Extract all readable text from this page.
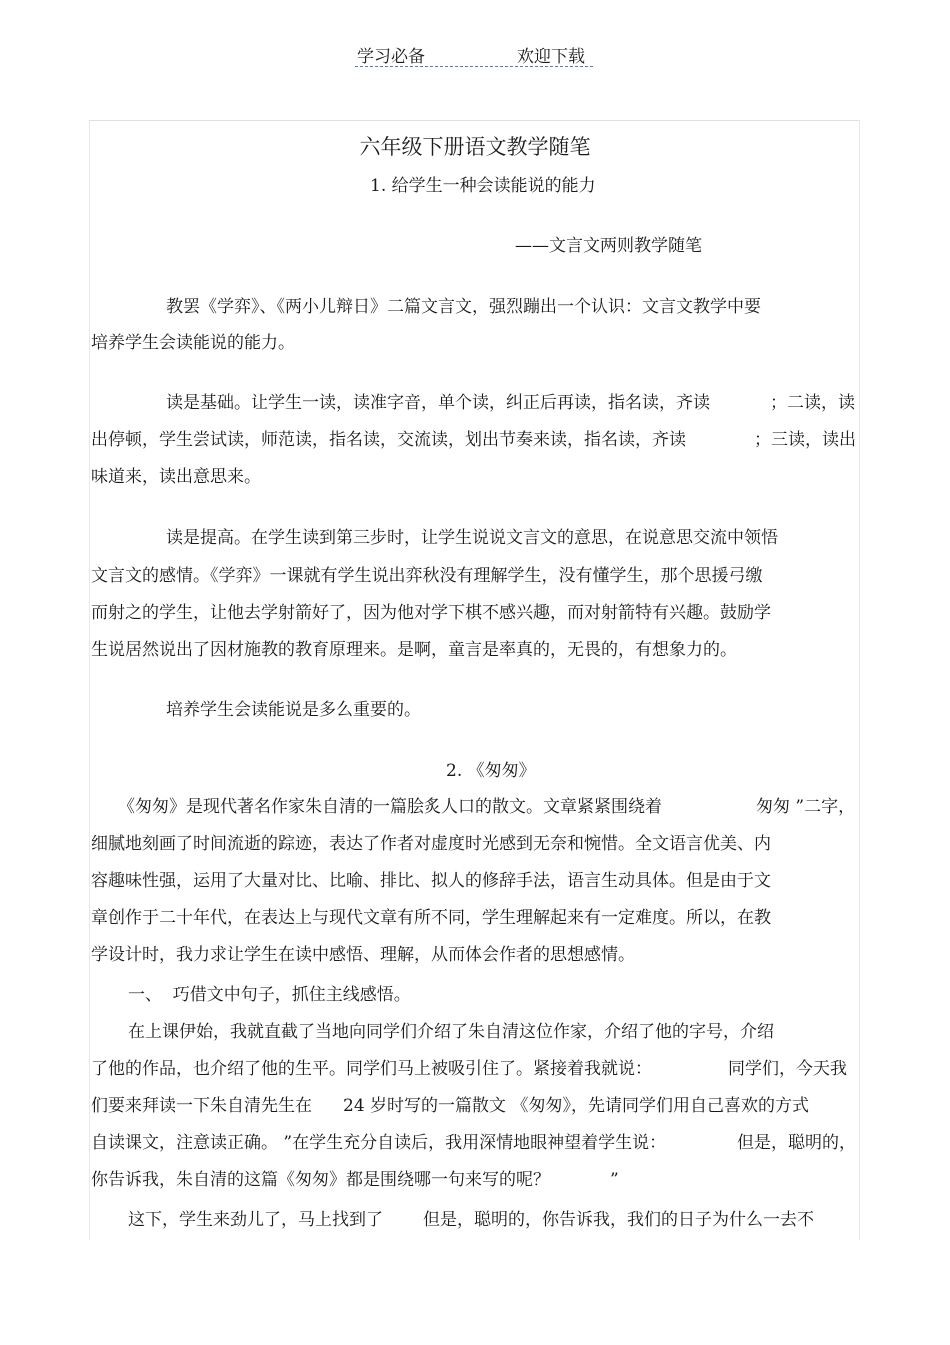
学习必备	欢迎下载
六年级下册语文教学随笔
1. 给学生一种会读能说的能力
——文言文两则教学随笔
教罢《学弈》、《两小儿辩日》二篇文言文，强烈蹦出一个认识：文言文教学中要
培养学生会读能说的能力。
读是基础。让学生一读，读准字音，单个读，纠正后再读，指名读，齐读	；二读，读
出停顿，学生尝试读，师范读，指名读，交流读，划出节奏来读，指名读，齐读	；三读，读出
味道来，读出意思来。
读是提高。在学生读到第三步时，让学生说说文言文的意思，在说意思交流中领悟
文言文的感情。《学弈》一课就有学生说出弈秋没有理解学生，没有懂学生，那个思援弓缴
而射之的学生，让他去学射箭好了，因为他对学下棋不感兴趣，而对射箭特有兴趣。鼓励学
生说居然说出了因材施教的教育原理来。是啊，童言是率真的，无畏的，有想象力的。
培养学生会读能说是多么重要的。
2. 《匆匆》
《匆匆》是现代著名作家朱自清的一篇脍炙人口的散文。文章紧紧围绕着	匆匆 ”二字，
细腻地刻画了时间流逝的踪迹，表达了作者对虚度时光感到无奈和惋惜。全文语言优美、内
容趣味性强，运用了大量对比、比喻、排比、拟人的修辞手法，语言生动具体。但是由于文
章创作于二十年代，在表达上与现代文章有所不同，学生理解起来有一定难度。所以，在教
学设计时，我力求让学生在读中感悟、理解，从而体会作者的思想感情。
一、  巧借文中句子，抓住主线感悟。
在上课伊始，我就直截了当地向同学们介绍了朱自清这位作家，介绍了他的字号，介绍
了他的作品，也介绍了他的生平。同学们马上被吸引住了。紧接着我就说：	同学们，今天我
们要来拜读一下朱自清先生在 24 岁时写的一篇散文 《匆匆》，先请同学们用自己喜欢的方式
自读课文，注意读正确。 ”在学生充分自读后，我用深情地眼神望着学生说：	但是，聪明的，
你告诉我，朱自清的这篇《匆匆》都是围绕哪一句来写的呢？	”
这下，学生来劲儿了，马上找到了 但是，聪明的，你告诉我，我们的日子为什么一去不
